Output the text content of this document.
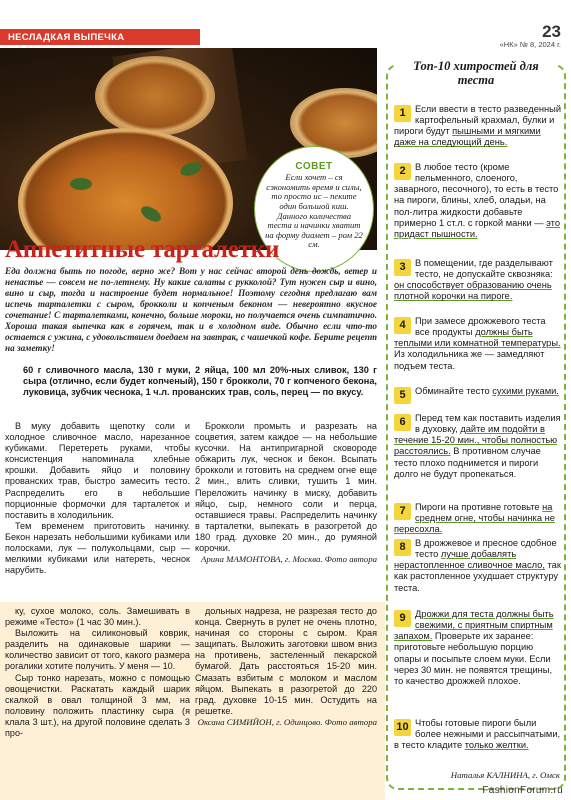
НЕСЛАДКАЯ ВЫПЕЧКА	23
«НК» № 8, 2024 г.
СОВЕТ
Если хочет – ся сэкономить время и силы, то просто ис – пеките один большой киш. Данного количества теста и начинки хватит на форму диамет – ром 22 см.
Аппетитные тарталетки
Еда должна быть по погоде, верно же? Вот у нас сейчас второй день дождь, ветер и ненастье — совсем не по-летнему. Ну какие салаты с рукколой? Тут нужен сыр и вино, вино и сыр, тогда и настроение будет нормальное! Поэтому сегодня предлагаю вам испечь тарталетки с сыром, брокколи и копченым беконом — невероятно вкусное сочетание! С тарталетками, конечно, больше мороки, но получается очень симпатично. Хороша такая выпечка как в горячем, так и в холодном виде. Обычно если что-то остается с ужина, с удовольствием доедаем на завтрак, с чашечкой кофе. Берите рецепт на заметку!
60 г сливочного масла, 130 г муки, 2 яйца, 100 мл 20%-ных сливок, 130 г сыра (отлично, если будет копченый), 150 г брокколи, 70 г копченого бекона, луковица, зубчик чеснока, 1 ч.л. прованских трав, соль, перец — по вкусу.

В муку добавить щепотку соли и холодное сливочное масло, нарезанное кубиками. Перетереть руками, чтобы консистенция напоминала хлебные крошки. Добавить яйцо и половину прованских трав, быстро замесить тесто. Распределить его в небольшие порционные формочки для тарталеток и поставить в холодильник.

Тем временем приготовить начинку. Бекон нарезать небольшими кубиками или полосками, лук — полукольцами, сыр — мелкими кубиками или натереть, чеснок нарубить.

Брокколи промыть и разрезать на соцветия, затем каждое — на небольшие кусочки. На антипригарной сковороде обжарить лук, чеснок и бекон. Всыпать брокколи и готовить на среднем огне еще 2 мин., влить сливки, тушить 1 мин. Переложить начинку в миску, добавить яйцо, сыр, немного соли и перца, оставшиеся травы. Распределить начинку в тарталетки, выпекать в разогретой до 180 град. духовке 20 мин., до румяной корочки.

Арина МАМОНТОВА, г. Москва. Фото автора

ку, сухое молоко, соль. Замешивать в режиме «Тесто» (1 час 30 мин.).

Выложить на силиконовый коврик, разделить на одинаковые шарики — количество зависит от того, какого размера рогалики хотите получить. У меня — 10.

Сыр тонко нарезать, можно с помощью овощечистки. Раскатать каждый шарик скалкой в овал толщиной 3 мм, на половину положить пластинку сыра (я клала 3 шт.), на другой половине сделать 3 про-

дольных надреза, не разрезая тесто до конца. Свернуть в рулет не очень плотно, начиная со стороны с сыром. Края защипать. Выложить заготовки швом вниз на противень, застеленный пекарской бумагой. Дать расстояться 15-20 мин. Смазать взбитым с молоком и маслом яйцом. Выпекать в разогретой до 220 град. духовке 10-15 мин. Остудить на решетке.

Оксана СИМИЙОН, г. Одинцово. Фото автора

Топ-10 хитростей для теста
1	Если ввести в тесто разведенный картофельный крахмал, булки и пироги будут пышными и мягкими даже на следующий день.
2	В любое тесто (кроме пельменного, слоеного, заварного, песочного), то есть в тесто на пироги, блины, хлеб, оладьи, на пол-литра жидкости добавьте примерно 1 ст.л. с горкой манки — это придаст пышности.
3	В помещении, где разделывают тесто, не допускайте сквозняка: он способствует образованию очень плотной корочки на пироге.
4	При замесе дрожжевого теста все продукты должны быть теплыми или комнатной температуры. Из холодильника же — замедляют подъем теста.
5	Обминайте тесто сухими руками.
6	Перед тем как поставить изделия в духовку, дайте им подойти в течение 15-20 мин., чтобы полностью расстоялись. В противном случае тесто плохо поднимется и пироги долго не будут пропекаться.
7	Пироги на противне готовьте на среднем огне, чтобы начинка не пересохла.
8	В дрожжевое и пресное сдобное тесто лучше добавлять нерастопленное сливочное масло, так как растопленное ухудшает структуру теста.
9	Дрожжи для теста должны быть свежими, с приятным спиртным запахом. Проверьте их заранее: приготовьте небольшую порцию опары и посыпьте слоем муки. Если через 30 мин. не появятся трещины, то качество дрожжей плохое.
10 Чтобы готовые пироги были более нежными и рассыпчатыми, в тесто кладите только желтки.
Наталья КАЛНИНА, г. Омск
FashionForum.ru
